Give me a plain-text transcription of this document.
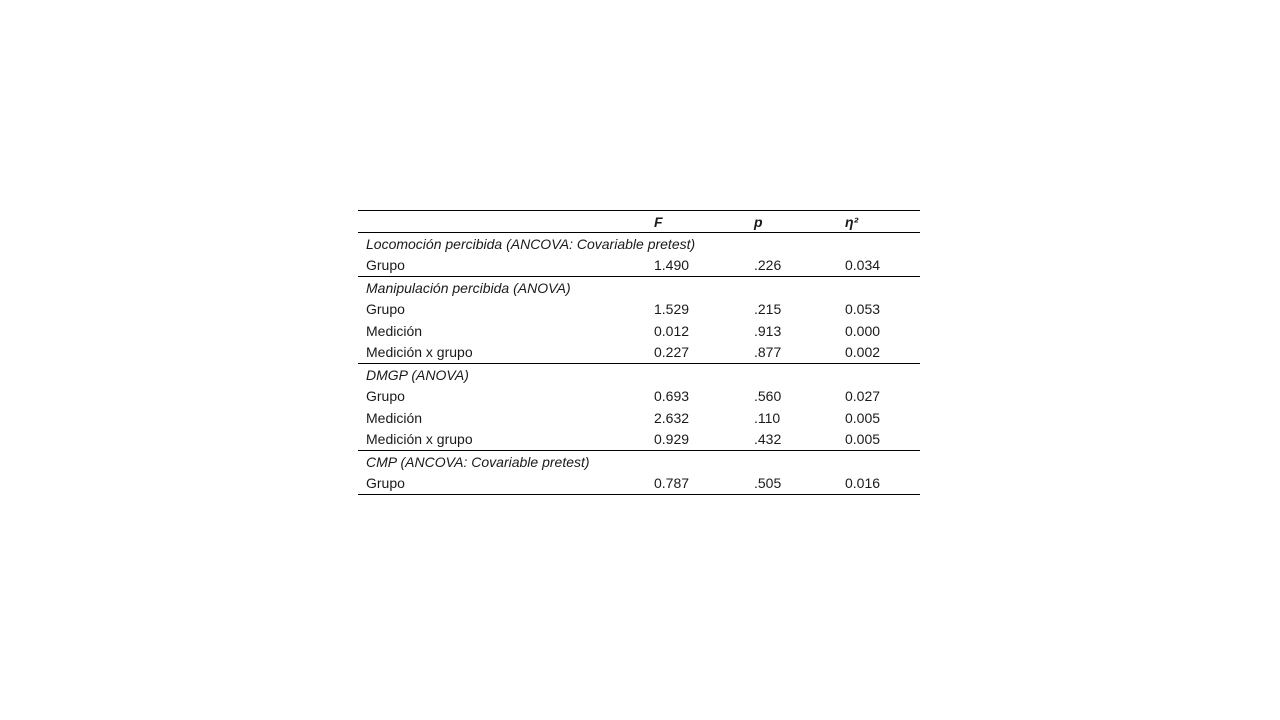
	F	p	η²
Locomoción percibida (ANCOVA: Covariable pretest)			
Grupo	1.490	.226	0.034
Manipulación percibida (ANOVA)			
Grupo	1.529	.215	0.053
Medición	0.012	.913	0.000
Medición x grupo	0.227	.877	0.002
DMGP (ANOVA)			
Grupo	0.693	.560	0.027
Medición	2.632	.110	0.005
Medición x grupo	0.929	.432	0.005
CMP (ANCOVA: Covariable pretest)			
Grupo	0.787	.505	0.016
